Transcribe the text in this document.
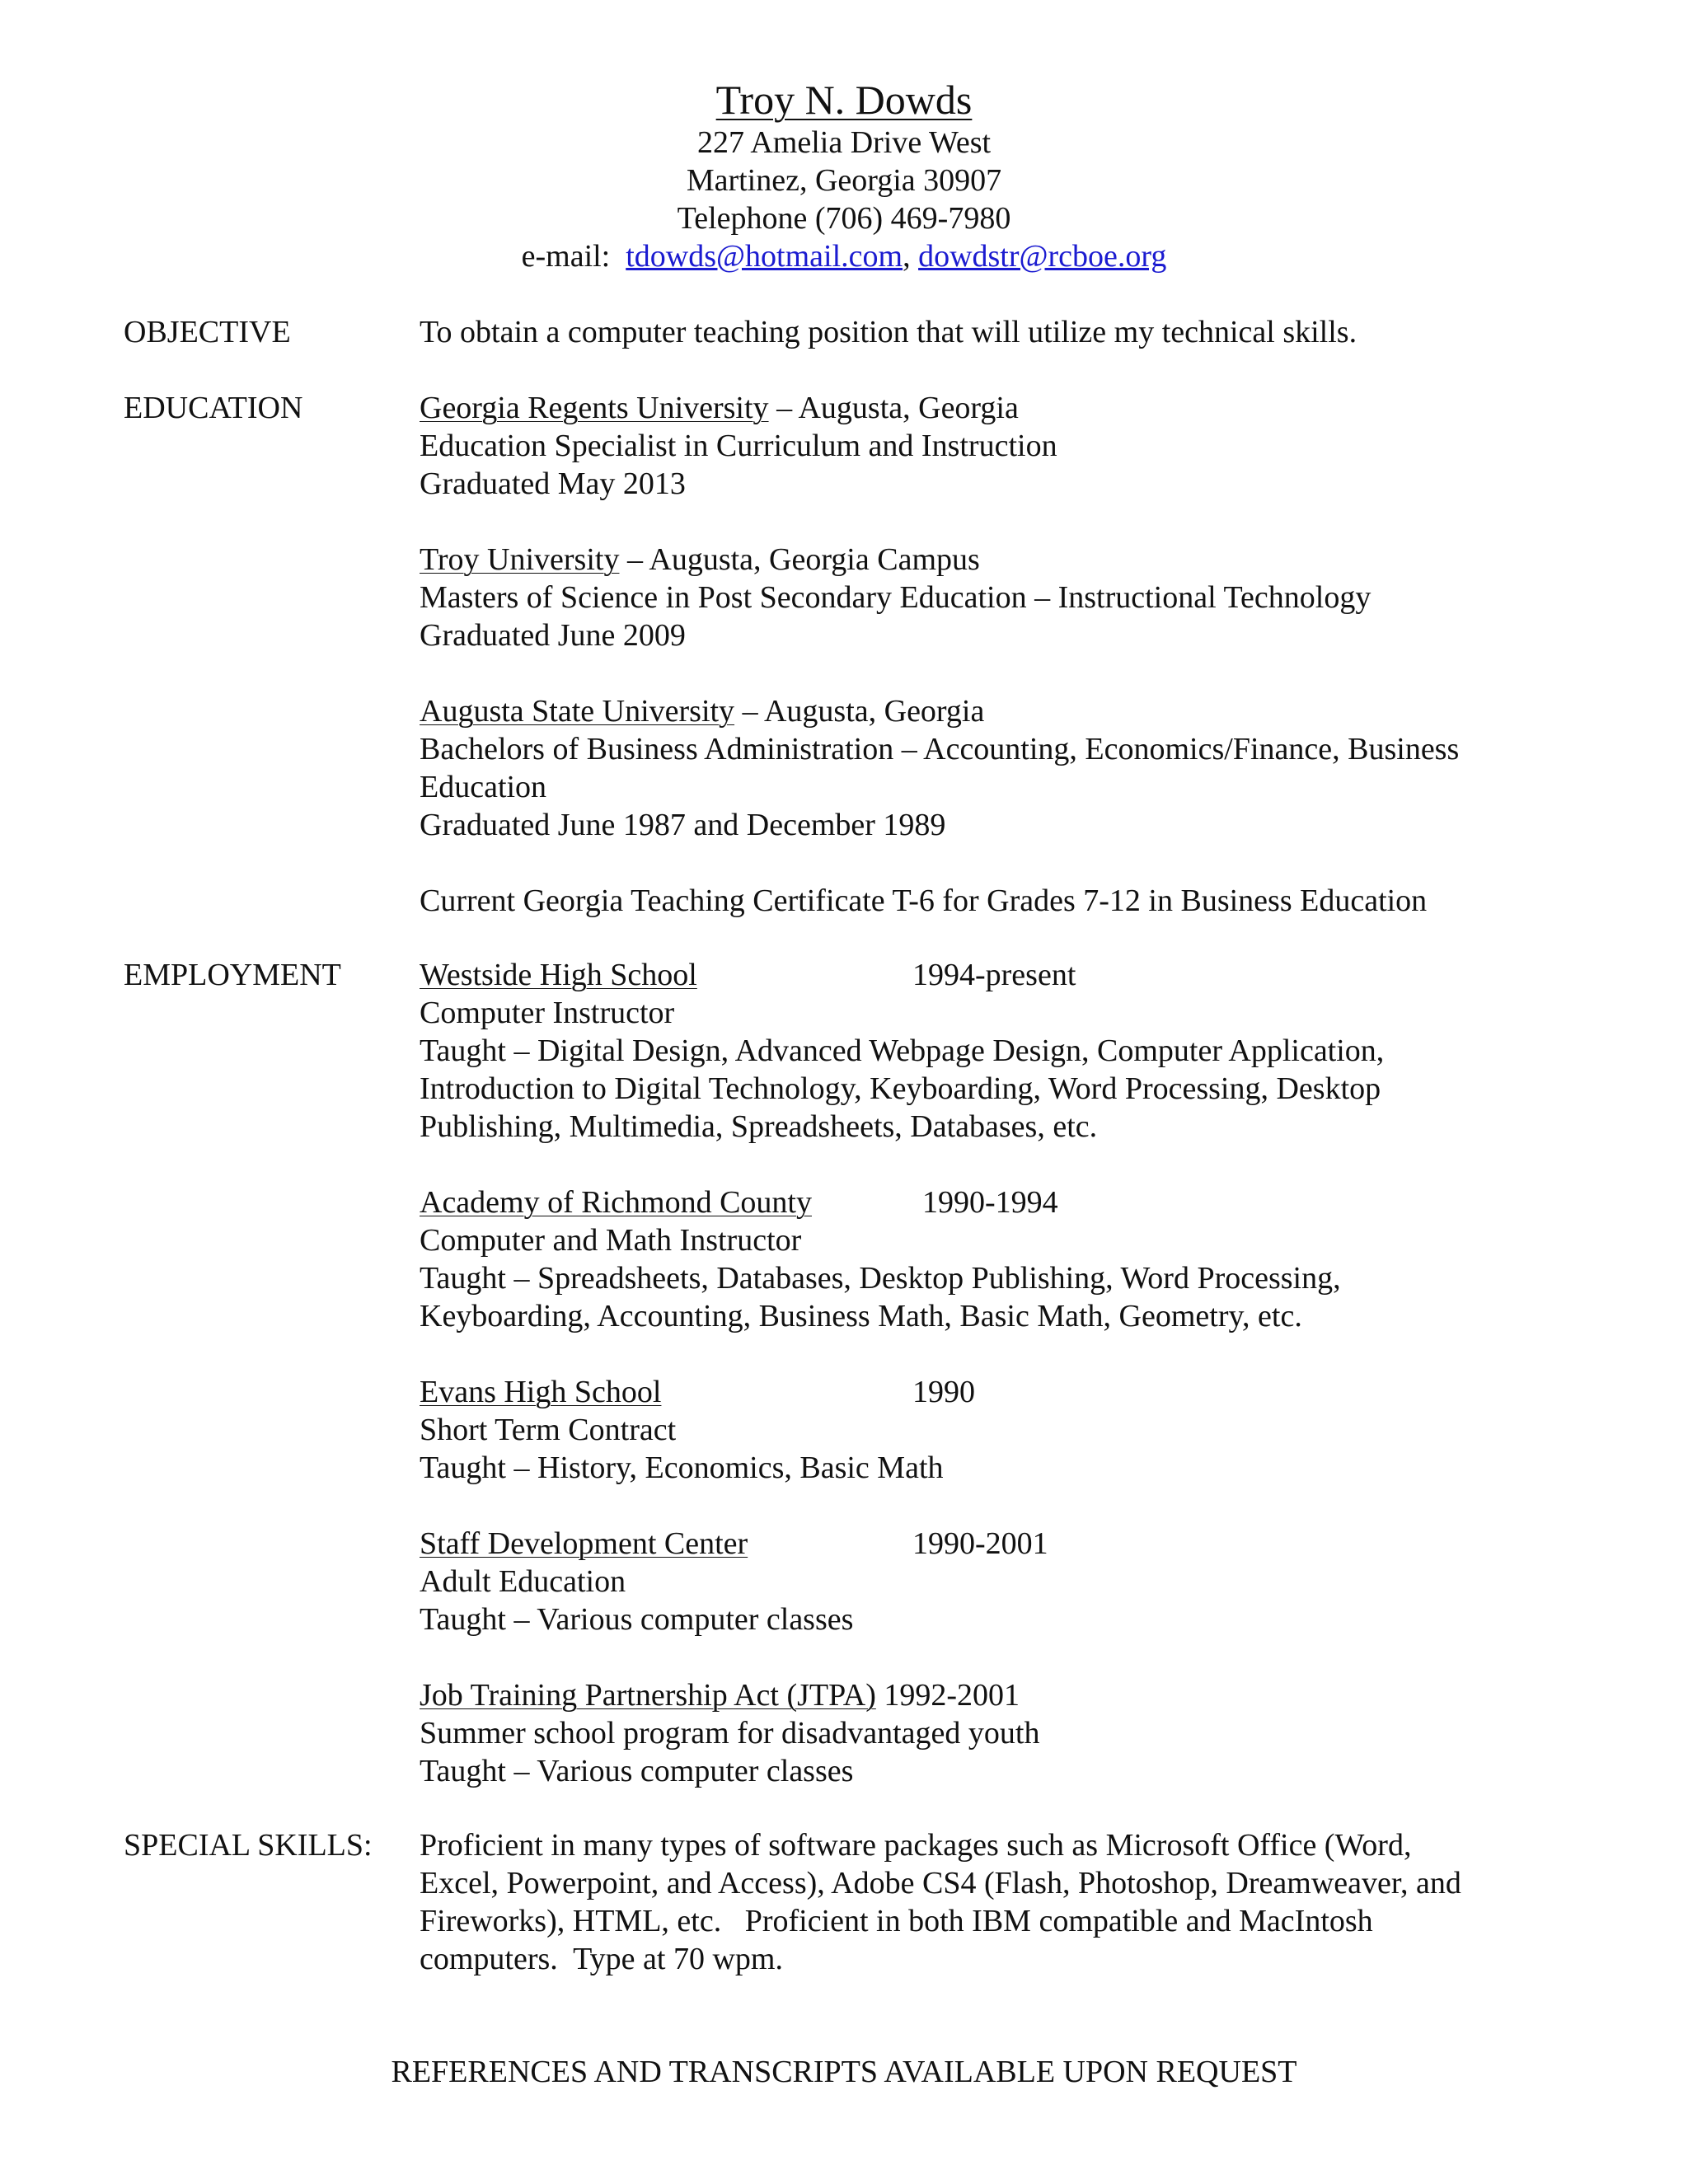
Troy N. Dowds
227 Amelia Drive West
Martinez, Georgia 30907
Telephone (706) 469-7980
e-mail:  tdowds@hotmail.com, dowdstr@rcboe.org
OBJECTIVE	To obtain a computer teaching position that will utilize my technical skills.
EDUCATION	Georgia Regents University – Augusta, Georgia
Education Specialist in Curriculum and Instruction
Graduated May 2013
Troy University – Augusta, Georgia Campus
Masters of Science in Post Secondary Education – Instructional Technology
Graduated June 2009
Augusta State University – Augusta, Georgia
Bachelors of Business Administration – Accounting, Economics/Finance, Business
Education
Graduated June 1987 and December 1989
Current Georgia Teaching Certificate T-6 for Grades 7-12 in Business Education
EMPLOYMENT	Westside High School	1994-present
Computer Instructor
Taught – Digital Design, Advanced Webpage Design, Computer Application,
Introduction to Digital Technology, Keyboarding, Word Processing, Desktop
Publishing, Multimedia, Spreadsheets, Databases, etc.
Academy of Richmond County	1990-1994
Computer and Math Instructor
Taught – Spreadsheets, Databases, Desktop Publishing, Word Processing,
Keyboarding, Accounting, Business Math, Basic Math, Geometry, etc.
Evans High School	1990
Short Term Contract
Taught – History, Economics, Basic Math
Staff Development Center	1990-2001
Adult Education
Taught – Various computer classes
Job Training Partnership Act (JTPA) 1992-2001
Summer school program for disadvantaged youth
Taught – Various computer classes
SPECIAL SKILLS: Proficient in many types of software packages such as Microsoft Office (Word,
Excel, Powerpoint, and Access), Adobe CS4 (Flash, Photoshop, Dreamweaver, and
Fireworks), HTML, etc.   Proficient in both IBM compatible and MacIntosh
computers.  Type at 70 wpm.
REFERENCES AND TRANSCRIPTS AVAILABLE UPON REQUEST
